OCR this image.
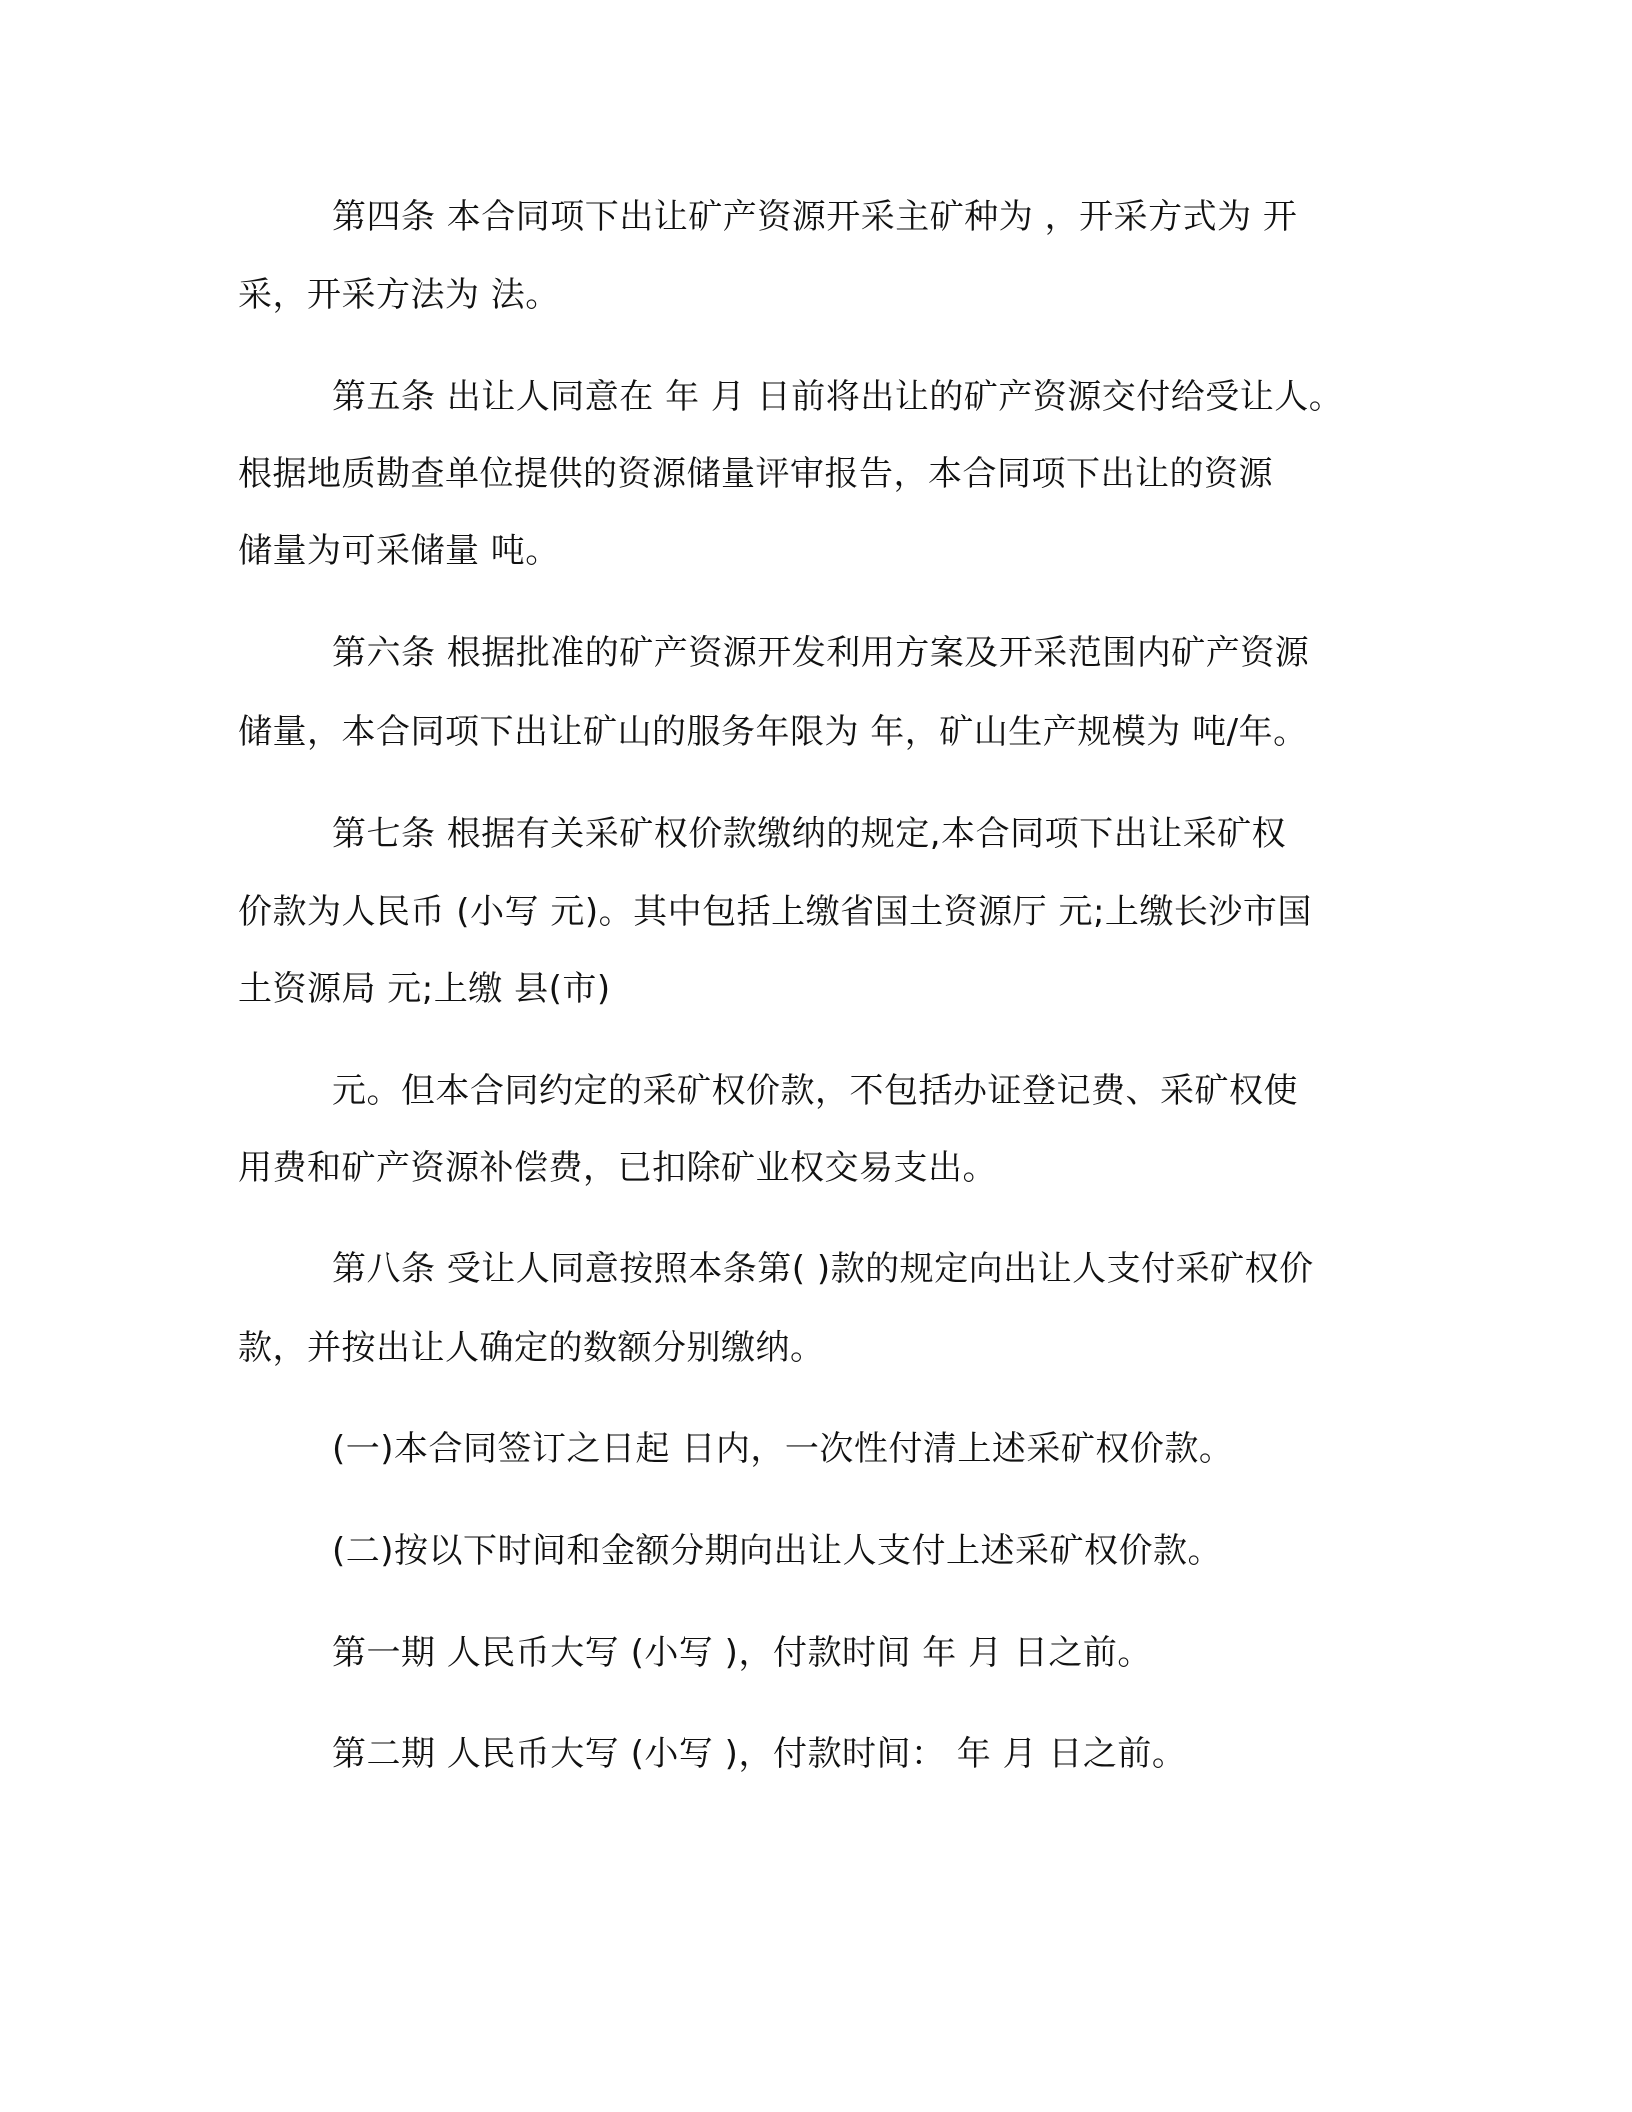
第四条 本合同项下出让矿产资源开采主矿种为 ，开采方式为 开
采，开采方法为 法。
第五条 出让人同意在 年 月 日前将出让的矿产资源交付给受让人。
根据地质勘查单位提供的资源储量评审报告，本合同项下出让的资源
储量为可采储量 吨。
第六条 根据批准的矿产资源开发利用方案及开采范围内矿产资源
储量，本合同项下出让矿山的服务年限为 年，矿山生产规模为 吨/年。
第七条 根据有关采矿权价款缴纳的规定,本合同项下出让采矿权
价款为人民币 (小写 元)。其中包括上缴省国土资源厅 元;上缴长沙市国
土资源局 元;上缴 县(市)
元。但本合同约定的采矿权价款，不包括办证登记费、采矿权使
用费和矿产资源补偿费，已扣除矿业权交易支出。
第八条 受让人同意按照本条第( )款的规定向出让人支付采矿权价
款，并按出让人确定的数额分别缴纳。
(一)本合同签订之日起 日内，一次性付清上述采矿权价款。
(二)按以下时间和金额分期向出让人支付上述采矿权价款。
第一期 人民币大写 (小写 )，付款时间 年 月 日之前。
第二期 人民币大写 (小写 )，付款时间： 年 月 日之前。
